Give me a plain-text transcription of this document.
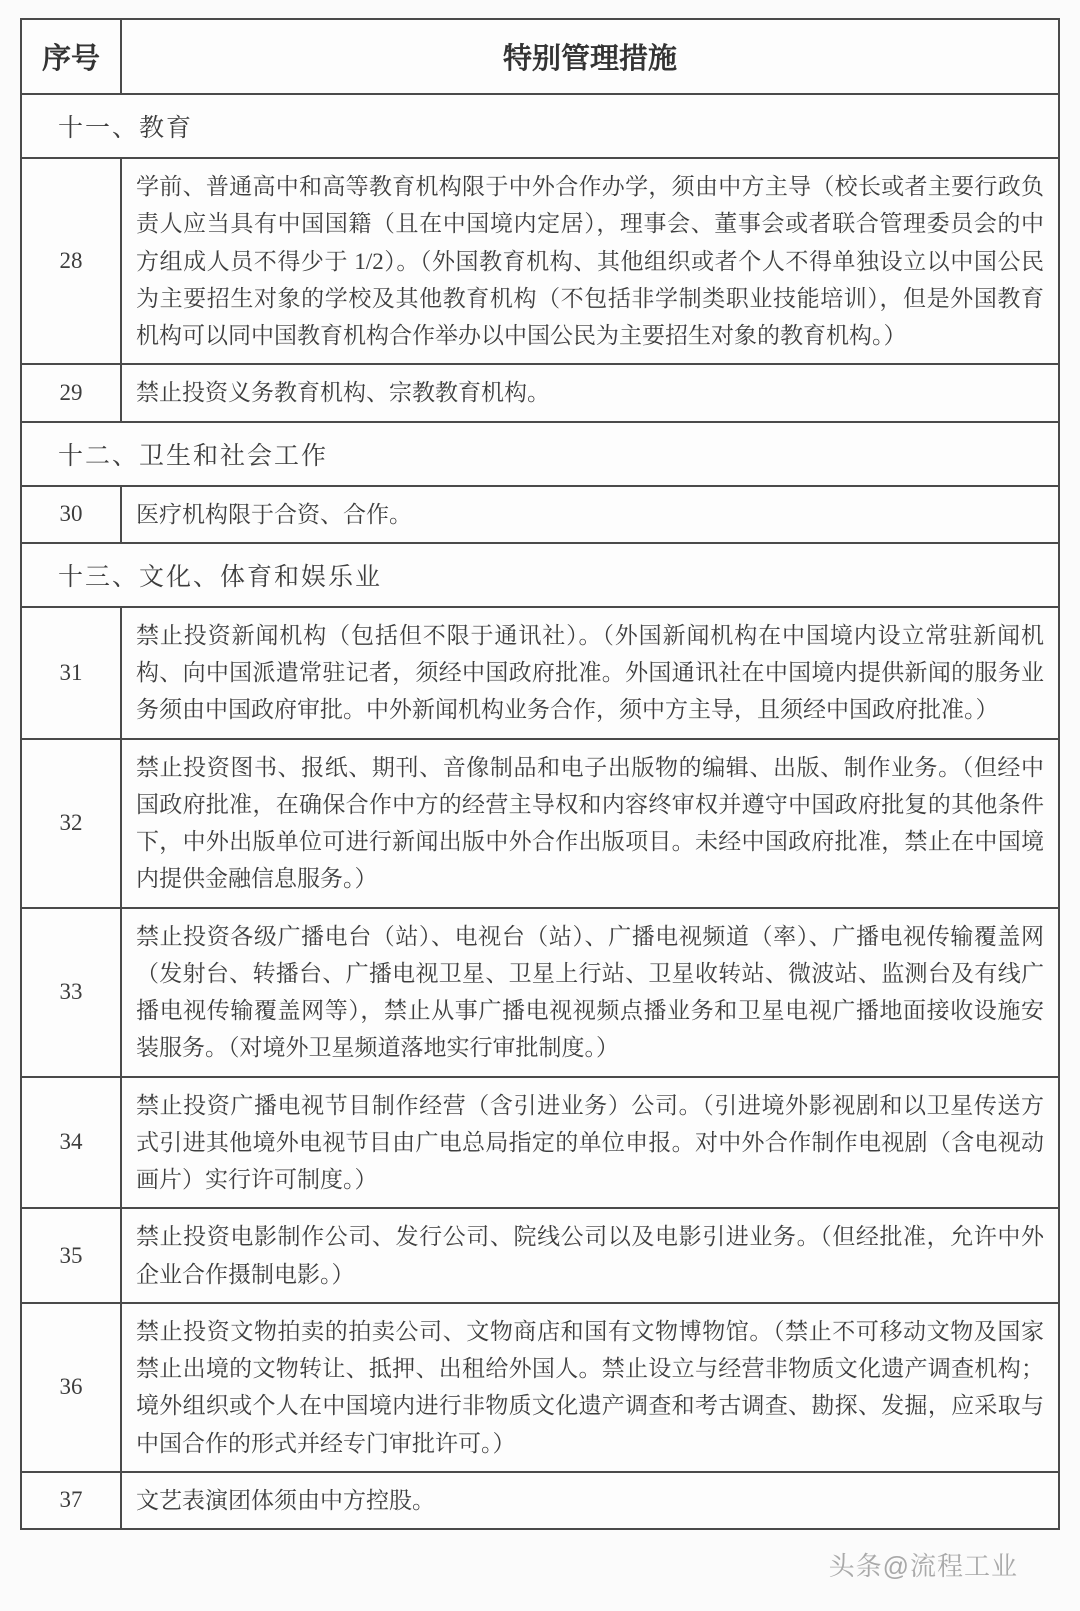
序号	特别管理措施
十一、教育	
28	学前、普通高中和高等教育机构限于中外合作办学，须由中方主导（校长或者主要行政负责人应当具有中国国籍（且在中国境内定居），理事会、董事会或者联合管理委员会的中方组成人员不得少于 1/2）。（外国教育机构、其他组织或者个人不得单独设立以中国公民为主要招生对象的学校及其他教育机构（不包括非学制类职业技能培训），但是外国教育机构可以同中国教育机构合作举办以中国公民为主要招生对象的教育机构。）
29	禁止投资义务教育机构、宗教教育机构。
十二、卫生和社会工作	
30	医疗机构限于合资、合作。
十三、文化、体育和娱乐业	
31	禁止投资新闻机构（包括但不限于通讯社）。（外国新闻机构在中国境内设立常驻新闻机构、向中国派遣常驻记者，须经中国政府批准。外国通讯社在中国境内提供新闻的服务业务须由中国政府审批。中外新闻机构业务合作，须中方主导，且须经中国政府批准。）
32	禁止投资图书、报纸、期刊、音像制品和电子出版物的编辑、出版、制作业务。（但经中国政府批准，在确保合作中方的经营主导权和内容终审权并遵守中国政府批复的其他条件下，中外出版单位可进行新闻出版中外合作出版项目。未经中国政府批准，禁止在中国境内提供金融信息服务。）
33	禁止投资各级广播电台（站）、电视台（站）、广播电视频道（率）、广播电视传输覆盖网（发射台、转播台、广播电视卫星、卫星上行站、卫星收转站、微波站、监测台及有线广播电视传输覆盖网等），禁止从事广播电视视频点播业务和卫星电视广播地面接收设施安装服务。（对境外卫星频道落地实行审批制度。）
34	禁止投资广播电视节目制作经营（含引进业务）公司。（引进境外影视剧和以卫星传送方式引进其他境外电视节目由广电总局指定的单位申报。对中外合作制作电视剧（含电视动画片）实行许可制度。）
35	禁止投资电影制作公司、发行公司、院线公司以及电影引进业务。（但经批准，允许中外企业合作摄制电影。）
36	禁止投资文物拍卖的拍卖公司、文物商店和国有文物博物馆。（禁止不可移动文物及国家禁止出境的文物转让、抵押、出租给外国人。禁止设立与经营非物质文化遗产调查机构；境外组织或个人在中国境内进行非物质文化遗产调查和考古调查、勘探、发掘，应采取与中国合作的形式并经专门审批许可。）
37	文艺表演团体须由中方控股。
头条@流程工业
